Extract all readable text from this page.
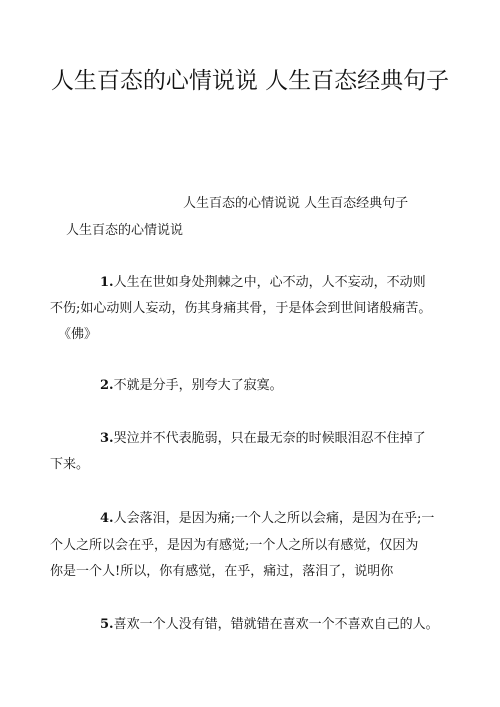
人生百态的心情说说 人生百态经典句子

人生百态的心情说说 人生百态经典句子

人生百态的心情说说

1.人生在世如身处荆棘之中，心不动，人不妄动，不动则

不伤;如心动则人妄动，伤其身痛其骨，于是体会到世间诸般痛苦。

《佛》

2.不就是分手，别夸大了寂寞。

3.哭泣并不代表脆弱，只在最无奈的时候眼泪忍不住掉了

下来。

4.人会落泪，是因为痛;一个人之所以会痛，是因为在乎;一

个人之所以会在乎，是因为有感觉;一个人之所以有感觉，仅因为

你是一个人!所以，你有感觉，在乎，痛过，落泪了，说明你

5.喜欢一个人没有错，错就错在喜欢一个不喜欢自己的人。
